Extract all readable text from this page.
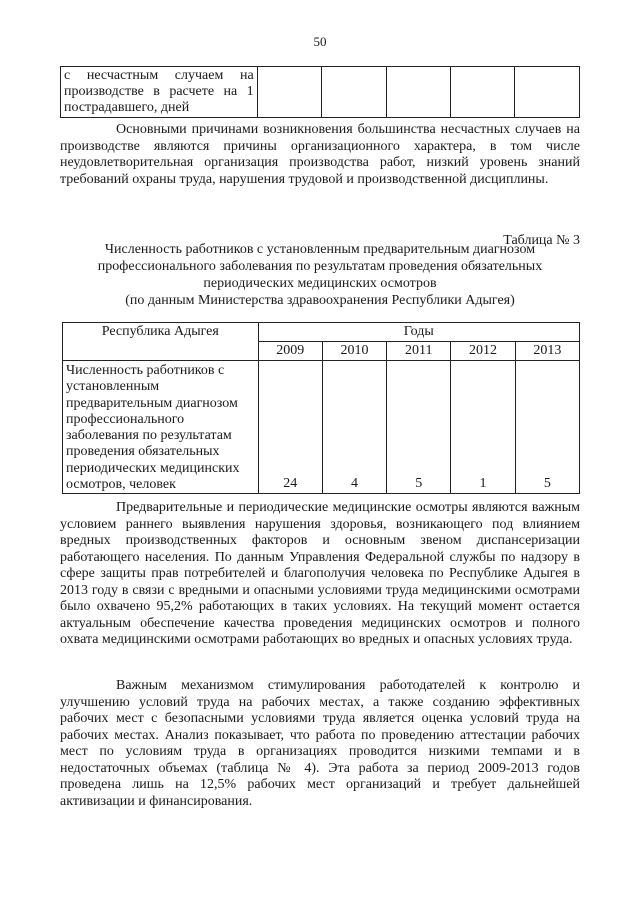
50
с несчастным случаем на производстве в расчете на 1 пострадавшего, дней					

Основными причинами возникновения большинства несчастных случаев на производстве являются причины организационного характера, в том числе неудовлетворительная организация производства работ, низкий уровень знаний требований охраны труда, нарушения трудовой и производственной дисциплины.

Таблица № 3
Численность работников с установленным предварительным диагнозом
профессионального заболевания по результатам проведения обязательных
периодических медицинских осмотров
(по данным Министерства здравоохранения Республики Адыгея)
Республика Адыгея	Годы				
	2009	2010	2011	2012	2013
Численность работников с установленным предварительным диагнозом профессионального заболевания по результатам проведения обязательных периодических медицинских осмотров, человек	24	4	5	1	5

Предварительные и периодические медицинские осмотры являются важным условием раннего выявления нарушения здоровья, возникающего под влиянием вредных производственных факторов и основным звеном диспансеризации работающего населения. По данным Управления Федеральной службы по надзору в сфере защиты прав потребителей и благополучия человека по Республике Адыгея в 2013 году в связи с вредными и опасными условиями труда медицинскими осмотрами было охвачено 95,2% работающих в таких условиях. На текущий момент остается актуальным обеспечение качества проведения медицинских осмотров и полного охвата медицинскими осмотрами работающих во вредных и опасных условиях труда.

Важным механизмом стимулирования работодателей к контролю и улучшению условий труда на рабочих местах, а также созданию эффективных рабочих мест с безопасными условиями труда является оценка условий труда на рабочих местах. Анализ показывает, что работа по проведению аттестации рабочих мест по условиям труда в организациях проводится низкими темпами и в недостаточных объемах (таблица № 4). Эта работа за период 2009-2013 годов проведена лишь на 12,5% рабочих мест организаций и требует дальнейшей активизации и финансирования.
